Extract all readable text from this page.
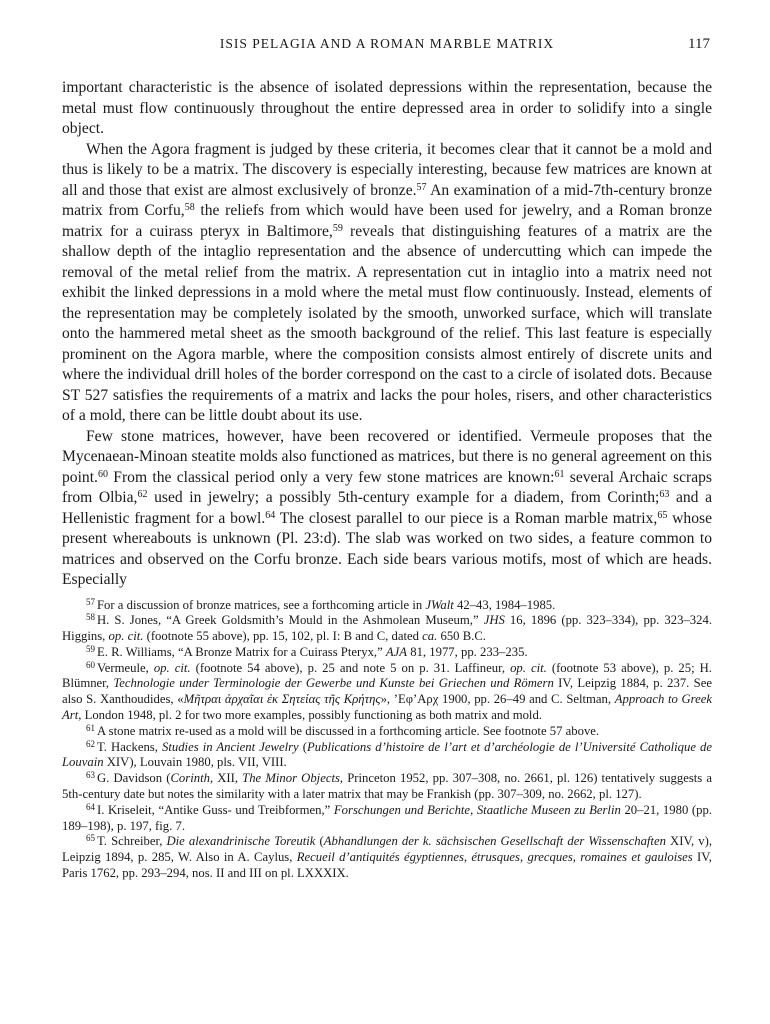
ISIS PELAGIA AND A ROMAN MARBLE MATRIX	117

important characteristic is the absence of isolated depressions within the representation, because the metal must flow continuously throughout the entire depressed area in order to solidify into a single object.

When the Agora fragment is judged by these criteria, it becomes clear that it cannot be a mold and thus is likely to be a matrix. The discovery is especially interesting, because few matrices are known at all and those that exist are almost exclusively of bronze.$^{57}$ An examination of a mid-7th-century bronze matrix from Corfu,$^{58}$ the reliefs from which would have been used for jewelry, and a Roman bronze matrix for a cuirass pteryx in Baltimore,$^{59}$ reveals that distinguishing features of a matrix are the shallow depth of the intaglio representation and the absence of undercutting which can impede the removal of the metal relief from the matrix. A representation cut in intaglio into a matrix need not exhibit the linked depressions in a mold where the metal must flow continuously. Instead, elements of the representation may be completely isolated by the smooth, unworked surface, which will translate onto the hammered metal sheet as the smooth background of the relief. This last feature is especially prominent on the Agora marble, where the composition consists almost entirely of discrete units and where the individual drill holes of the border correspond on the cast to a circle of isolated dots. Because ST 527 satisfies the requirements of a matrix and lacks the pour holes, risers, and other characteristics of a mold, there can be little doubt about its use.

Few stone matrices, however, have been recovered or identified. Vermeule proposes that the Mycenaean-Minoan steatite molds also functioned as matrices, but there is no general agreement on this point.$^{60}$ From the classical period only a very few stone matrices are known:$^{61}$ several Archaic scraps from Olbia,$^{62}$ used in jewelry; a possibly 5th-century example for a diadem, from Corinth;$^{63}$ and a Hellenistic fragment for a bowl.$^{64}$ The closest parallel to our piece is a Roman marble matrix,$^{65}$ whose present whereabouts is unknown (Pl. 23:d). The slab was worked on two sides, a feature common to matrices and observed on the Corfu bronze. Each side bears various motifs, most of which are heads. Especially

$^{57}$ For a discussion of bronze matrices, see a forthcoming article in JWalt 42–43, 1984–1985.

$^{58}$ H. S. Jones, “A Greek Goldsmith’s Mould in the Ashmolean Museum,” JHS 16, 1896 (pp. 323–334), pp. 323–324. Higgins, op. cit. (footnote 55 above), pp. 15, 102, pl. I: B and C, dated ca. 650 B.C.

$^{59}$ E. R. Williams, “A Bronze Matrix for a Cuirass Pteryx,” AJA 81, 1977, pp. 233–235.

$^{60}$ Vermeule, op. cit. (footnote 54 above), p. 25 and note 5 on p. 31. Laffineur, op. cit. (footnote 53 above), p. 25; H. Blümner, Technologie under Terminologie der Gewerbe und Kunste bei Griechen und Römern IV, Leipzig 1884, p. 237. See also S. Xanthoudides, «Μῆτραι ἀρχαῖαι ἐκ Σητείας τῆς Κρήτης», ’Εφ’Αρχ 1900, pp. 26–49 and C. Seltman, Approach to Greek Art, London 1948, pl. 2 for two more examples, possibly functioning as both matrix and mold.

$^{61}$ A stone matrix re-used as a mold will be discussed in a forthcoming article. See footnote 57 above.

$^{62}$ T. Hackens, Studies in Ancient Jewelry (Publications d’histoire de l’art et d’archéologie de l’Université Catholique de Louvain XIV), Louvain 1980, pls. VII, VIII.

$^{63}$ G. Davidson (Corinth, XII, The Minor Objects, Princeton 1952, pp. 307–308, no. 2661, pl. 126) tentatively suggests a 5th-century date but notes the similarity with a later matrix that may be Frankish (pp. 307–309, no. 2662, pl. 127).

$^{64}$ I. Kriseleit, “Antike Guss- und Treibformen,” Forschungen und Berichte, Staatliche Museen zu Berlin 20–21, 1980 (pp. 189–198), p. 197, fig. 7.

$^{65}$ T. Schreiber, Die alexandrinische Toreutik (Abhandlungen der k. sächsischen Gesellschaft der Wissenschaften XIV, v), Leipzig 1894, p. 285, W. Also in A. Caylus, Recueil d’antiquités égyptiennes, étrusques, grecques, romaines et gauloises IV, Paris 1762, pp. 293–294, nos. II and III on pl. LXXXIX.
